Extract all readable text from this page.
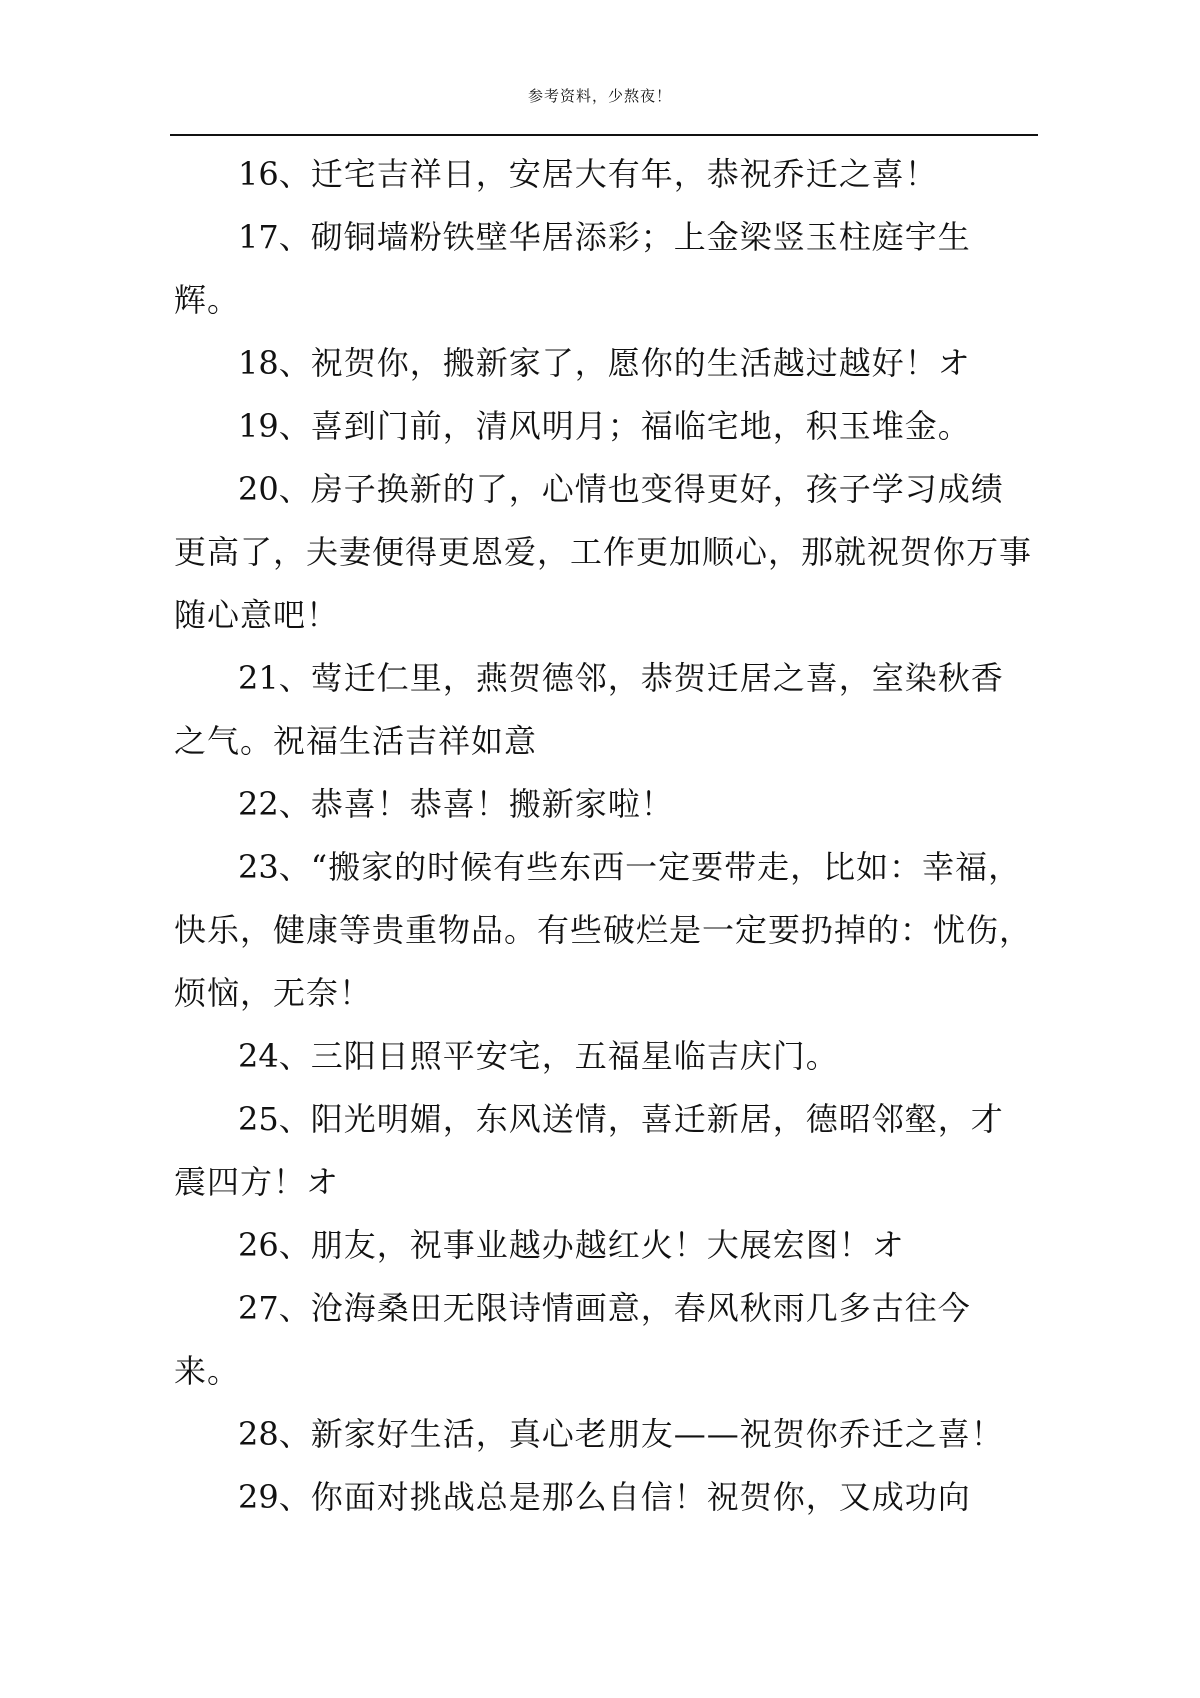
参考资料，少熬夜！

16、迁宅吉祥日，安居大有年，恭祝乔迁之喜！

17、砌铜墙粉铁壁华居添彩；上金梁竖玉柱庭宇生辉。

18、祝贺你，搬新家了，愿你的生活越过越好！オ

19、喜到门前，清风明月；福临宅地，积玉堆金。

20、房子换新的了，心情也变得更好，孩子学习成绩更高了，夫妻便得更恩爱，工作更加顺心，那就祝贺你万事随心意吧！

21、莺迁仁里，燕贺德邻，恭贺迁居之喜，室染秋香之气。祝福生活吉祥如意

22、恭喜！恭喜！搬新家啦！

23、“搬家的时候有些东西一定要带走，比如：幸福，快乐，健康等贵重物品。有些破烂是一定要扔掉的：忧伤，烦恼，无奈！

24、三阳日照平安宅，五福星临吉庆门。

25、阳光明媚，东风送情，喜迁新居，德昭邻壑，才震四方！オ

26、朋友，祝事业越办越红火！大展宏图！オ

27、沧海桑田无限诗情画意，春风秋雨几多古往今来。

28、新家好生活，真心老朋友——祝贺你乔迁之喜！

29、你面对挑战总是那么自信！祝贺你，又成功向
